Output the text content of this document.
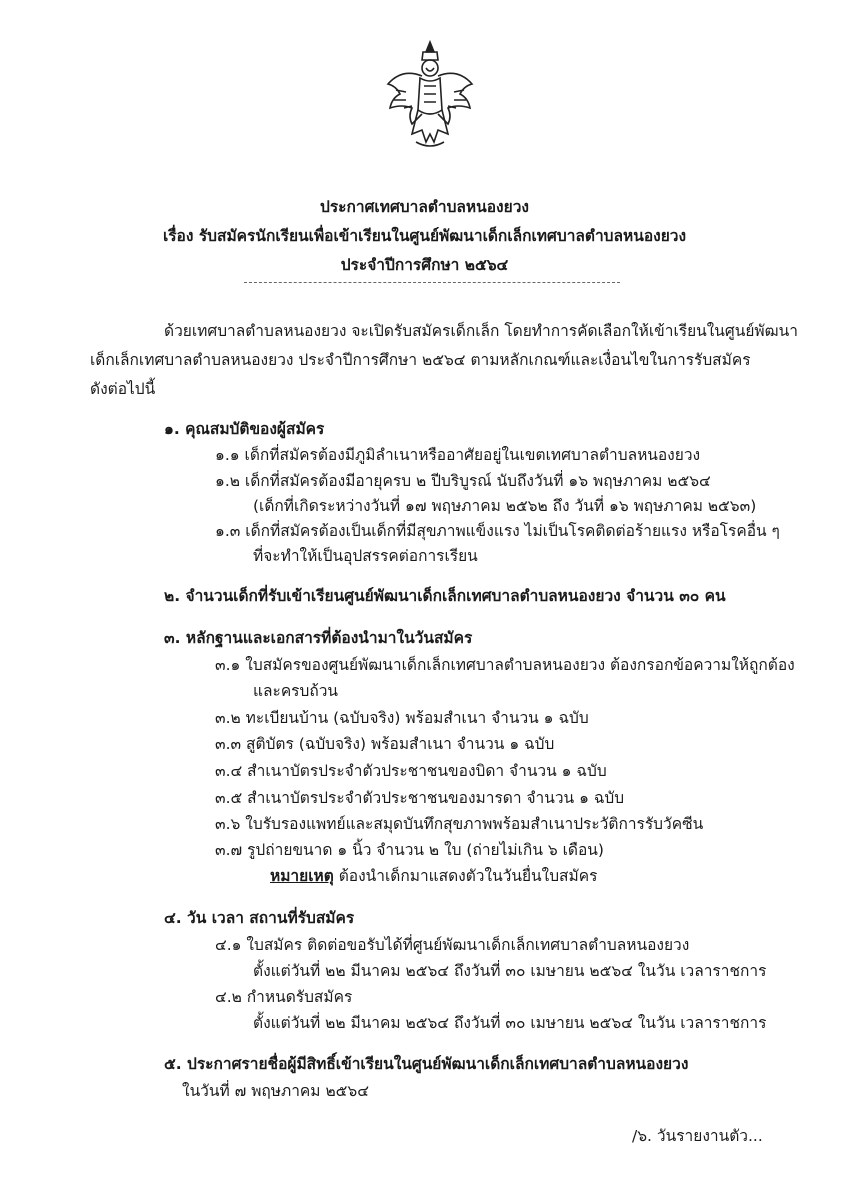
ประกาศเทศบาลตำบลหนองยวง
เรื่อง รับสมัครนักเรียนเพื่อเข้าเรียนในศูนย์พัฒนาเด็กเล็กเทศบาลตำบลหนองยวง
ประจำปีการศึกษา ๒๕๖๔
ด้วยเทศบาลตำบลหนองยวง จะเปิดรับสมัครเด็กเล็ก โดยทำการคัดเลือกให้เข้าเรียนในศูนย์พัฒนา
เด็กเล็กเทศบาลตำบลหนองยวง ประจำปีการศึกษา ๒๕๖๔ ตามหลักเกณฑ์และเงื่อนไขในการรับสมัคร
ดังต่อไปนี้
๑. คุณสมบัติของผู้สมัคร
๑.๑ เด็กที่สมัครต้องมีภูมิลำเนาหรืออาศัยอยู่ในเขตเทศบาลตำบลหนองยวง
๑.๒ เด็กที่สมัครต้องมีอายุครบ ๒ ปีบริบูรณ์ นับถึงวันที่ ๑๖ พฤษภาคม ๒๕๖๔
(เด็กที่เกิดระหว่างวันที่ ๑๗ พฤษภาคม ๒๕๖๒ ถึง วันที่ ๑๖ พฤษภาคม ๒๕๖๓)
๑.๓ เด็กที่สมัครต้องเป็นเด็กที่มีสุขภาพแข็งแรง ไม่เป็นโรคติดต่อร้ายแรง หรือโรคอื่น ๆ
ที่จะทำให้เป็นอุปสรรคต่อการเรียน
๒. จำนวนเด็กที่รับเข้าเรียนศูนย์พัฒนาเด็กเล็กเทศบาลตำบลหนองยวง จำนวน ๓๐ คน
๓. หลักฐานและเอกสารที่ต้องนำมาในวันสมัคร
๓.๑ ใบสมัครของศูนย์พัฒนาเด็กเล็กเทศบาลตำบลหนองยวง ต้องกรอกข้อความให้ถูกต้อง
และครบถ้วน
๓.๒ ทะเบียนบ้าน (ฉบับจริง) พร้อมสำเนา จำนวน ๑ ฉบับ
๓.๓ สูติบัตร (ฉบับจริง) พร้อมสำเนา จำนวน ๑ ฉบับ
๓.๔ สำเนาบัตรประจำตัวประชาชนของบิดา จำนวน ๑ ฉบับ
๓.๕ สำเนาบัตรประจำตัวประชาชนของมารดา จำนวน ๑ ฉบับ
๓.๖ ใบรับรองแพทย์และสมุดบันทึกสุขภาพพร้อมสำเนาประวัติการรับวัคซีน
๓.๗ รูปถ่ายขนาด ๑ นิ้ว จำนวน ๒ ใบ (ถ่ายไม่เกิน ๖ เดือน)
หมายเหตุ ต้องนำเด็กมาแสดงตัวในวันยื่นใบสมัคร
๔. วัน เวลา สถานที่รับสมัคร
๔.๑ ใบสมัคร ติดต่อขอรับได้ที่ศูนย์พัฒนาเด็กเล็กเทศบาลตำบลหนองยวง
ตั้งแต่วันที่ ๒๒ มีนาคม ๒๕๖๔ ถึงวันที่ ๓๐ เมษายน ๒๕๖๔ ในวัน เวลาราชการ
๔.๒ กำหนดรับสมัคร
ตั้งแต่วันที่ ๒๒ มีนาคม ๒๕๖๔ ถึงวันที่ ๓๐ เมษายน ๒๕๖๔ ในวัน เวลาราชการ
๕. ประกาศรายชื่อผู้มีสิทธิ์เข้าเรียนในศูนย์พัฒนาเด็กเล็กเทศบาลตำบลหนองยวง
ในวันที่ ๗ พฤษภาคม ๒๕๖๔
/๖. วันรายงานตัว...
